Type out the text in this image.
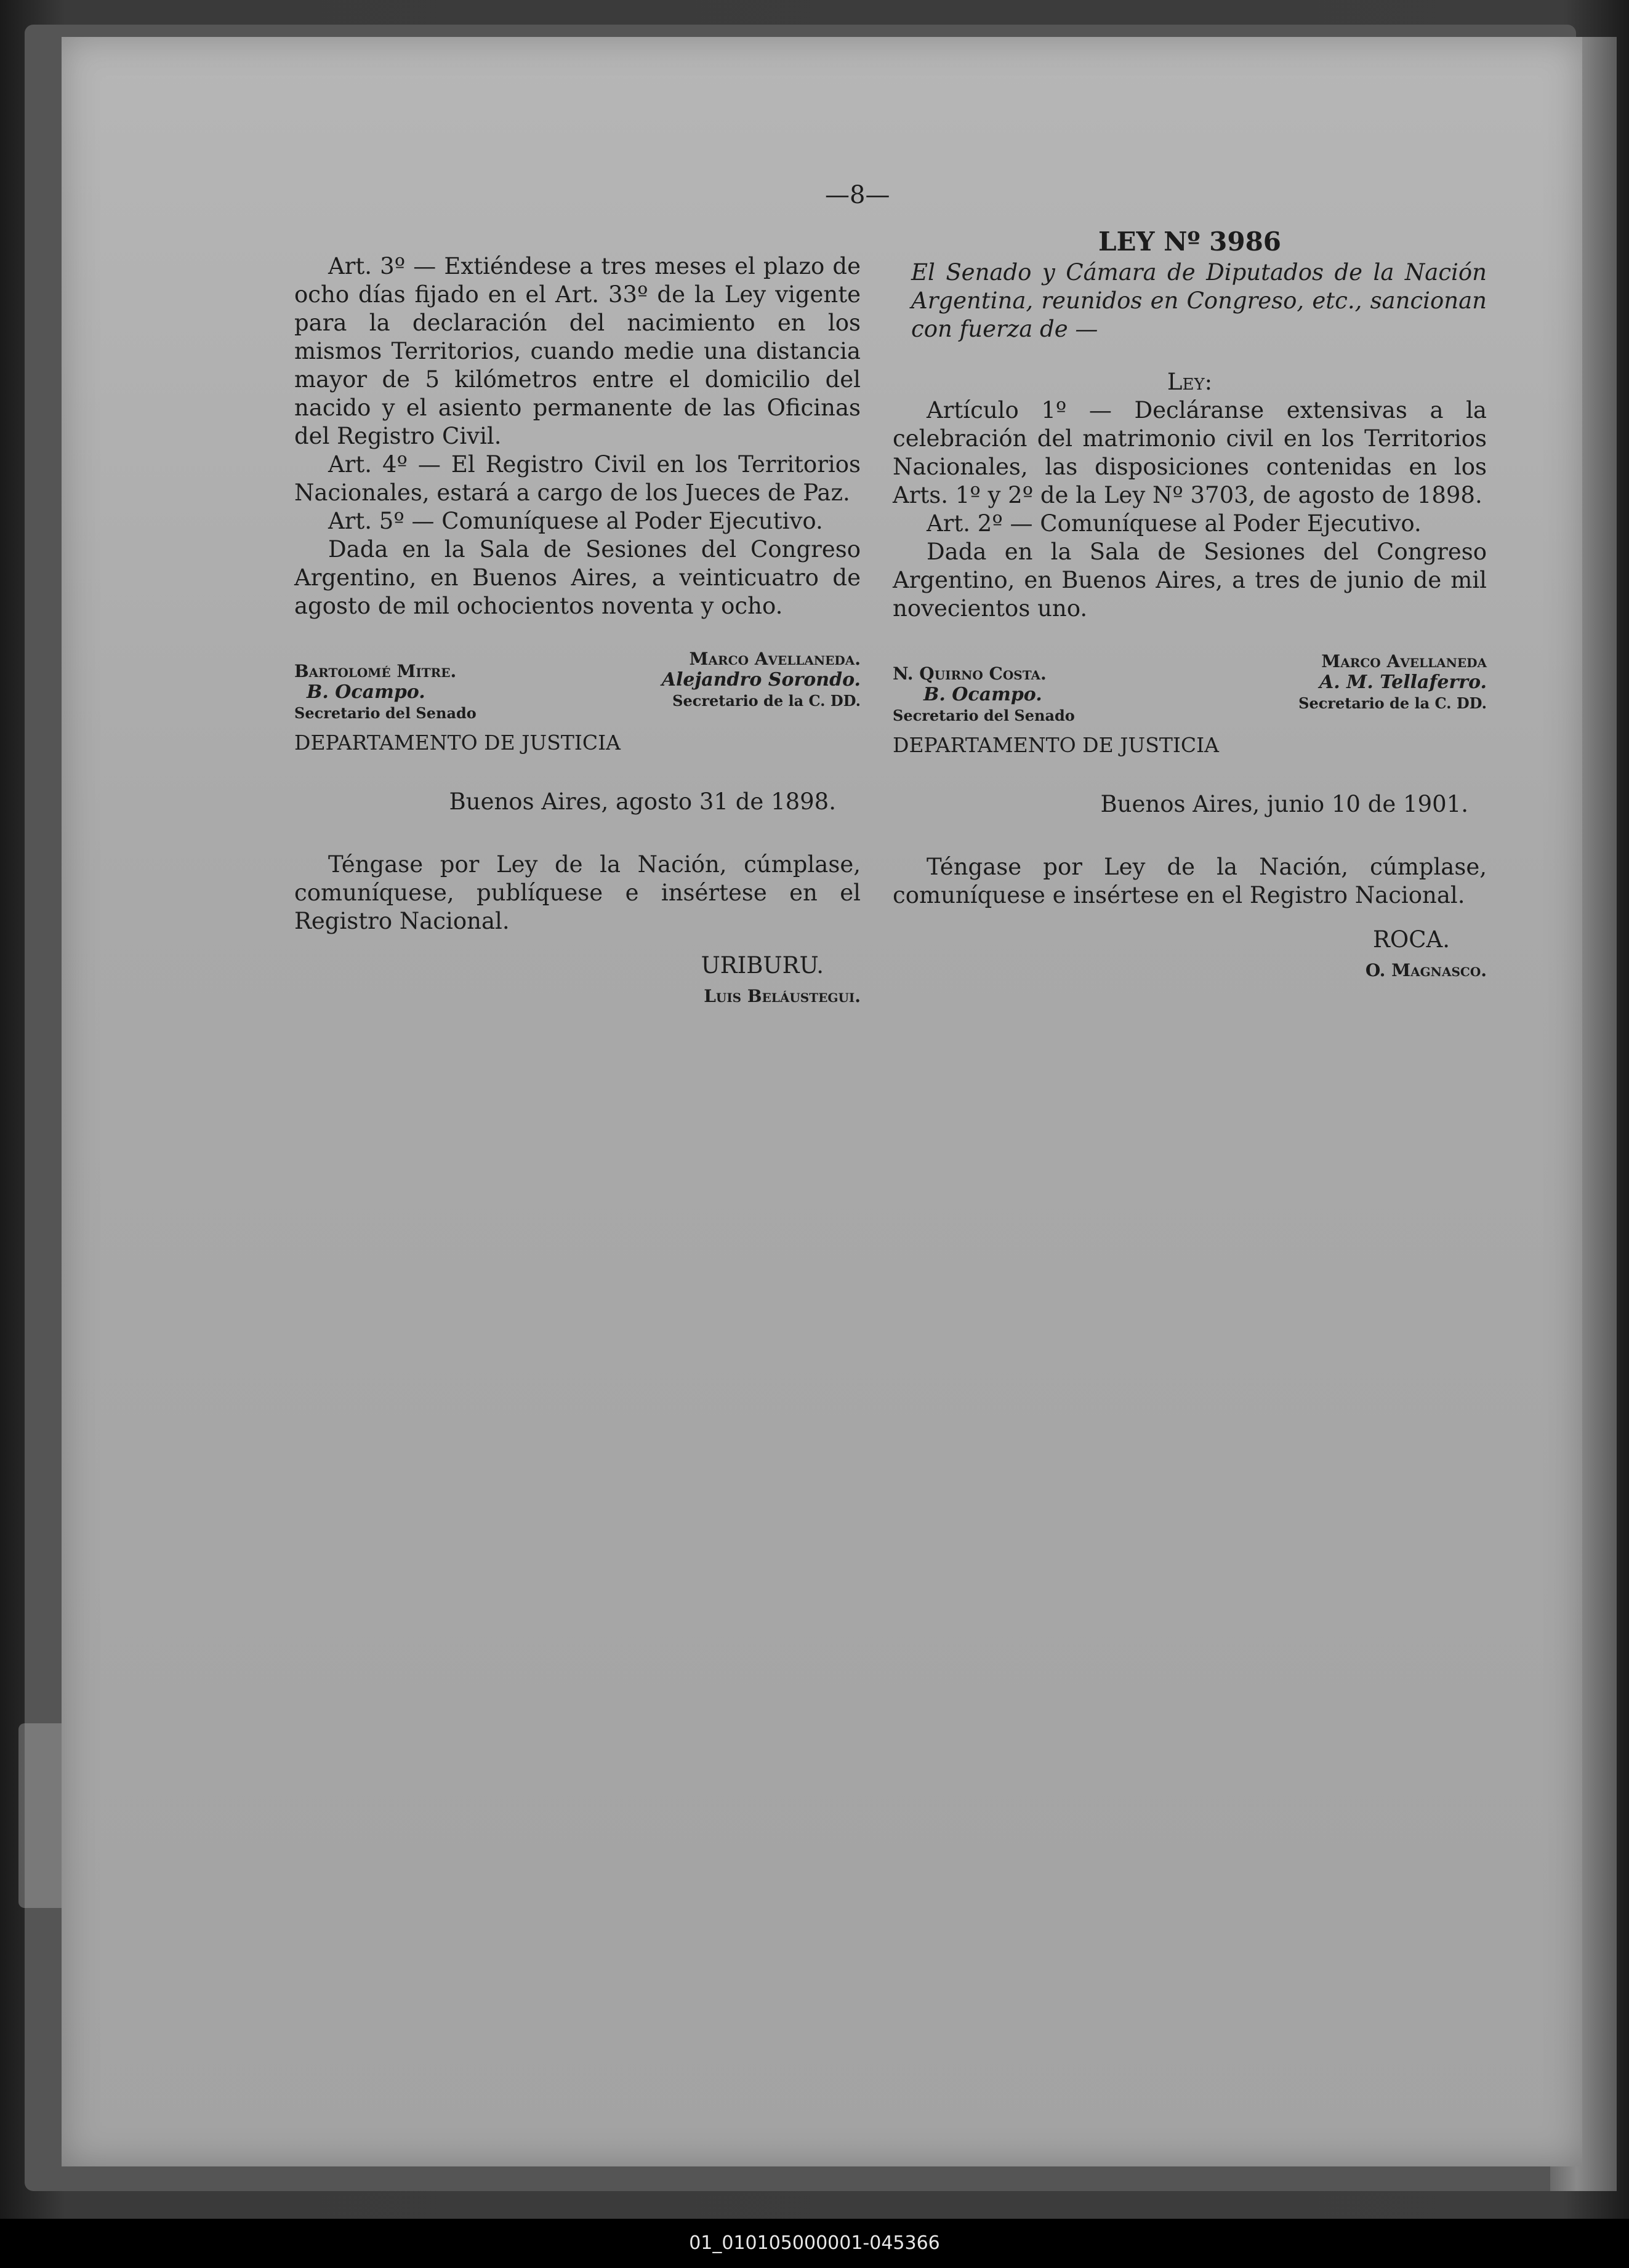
—8—

Art. 3º — Extiéndese a tres meses el plazo de ocho días fijado en el Art. 33º de la Ley vigente para la declaración del nacimiento en los mismos Territorios, cuando medie una distancia mayor de 5 kilómetros entre el domicilio del nacido y el asiento permanente de las Oficinas del Registro Civil.

Art. 4º — El Registro Civil en los Territorios Nacionales, estará a cargo de los Jueces de Paz.

Art. 5º — Comuníquese al Poder Ejecutivo.

Dada en la Sala de Sesiones del Congreso Argentino, en Buenos Aires, a veinticuatro de agosto de mil ochocientos noventa y ocho.

Bartolomé Mitre.
B. Ocampo.
Secretario del Senado
Marco Avellaneda.
Alejandro Sorondo.
Secretario de la C. DD.

DEPARTAMENTO DE JUSTICIA

Buenos Aires, agosto 31 de 1898.

Téngase por Ley de la Nación, cúmplase, comuníquese, publíquese e insértese en el Registro Nacional.

URIBURU.
Luis Beláustegui.

LEY Nº 3986

El Senado y Cámara de Diputados de la Nación Argentina, reunidos en Congreso, etc., sancionan con fuerza de —

Ley:

Artículo 1º — Decláranse extensivas a la celebración del matrimonio civil en los Territorios Nacionales, las disposiciones contenidas en los Arts. 1º y 2º de la Ley Nº 3703, de agosto de 1898.

Art. 2º — Comuníquese al Poder Ejecutivo.

Dada en la Sala de Sesiones del Congreso Argentino, en Buenos Aires, a tres de junio de mil novecientos uno.

N. Quirno Costa.
B. Ocampo.
Secretario del Senado
Marco Avellaneda
A. M. Tellaferro.
Secretario de la C. DD.

DEPARTAMENTO DE JUSTICIA

Buenos Aires, junio 10 de 1901.

Téngase por Ley de la Nación, cúmplase, comuníquese e insértese en el Registro Nacional.

ROCA.
O. Magnasco.
01_010105000001-045366
